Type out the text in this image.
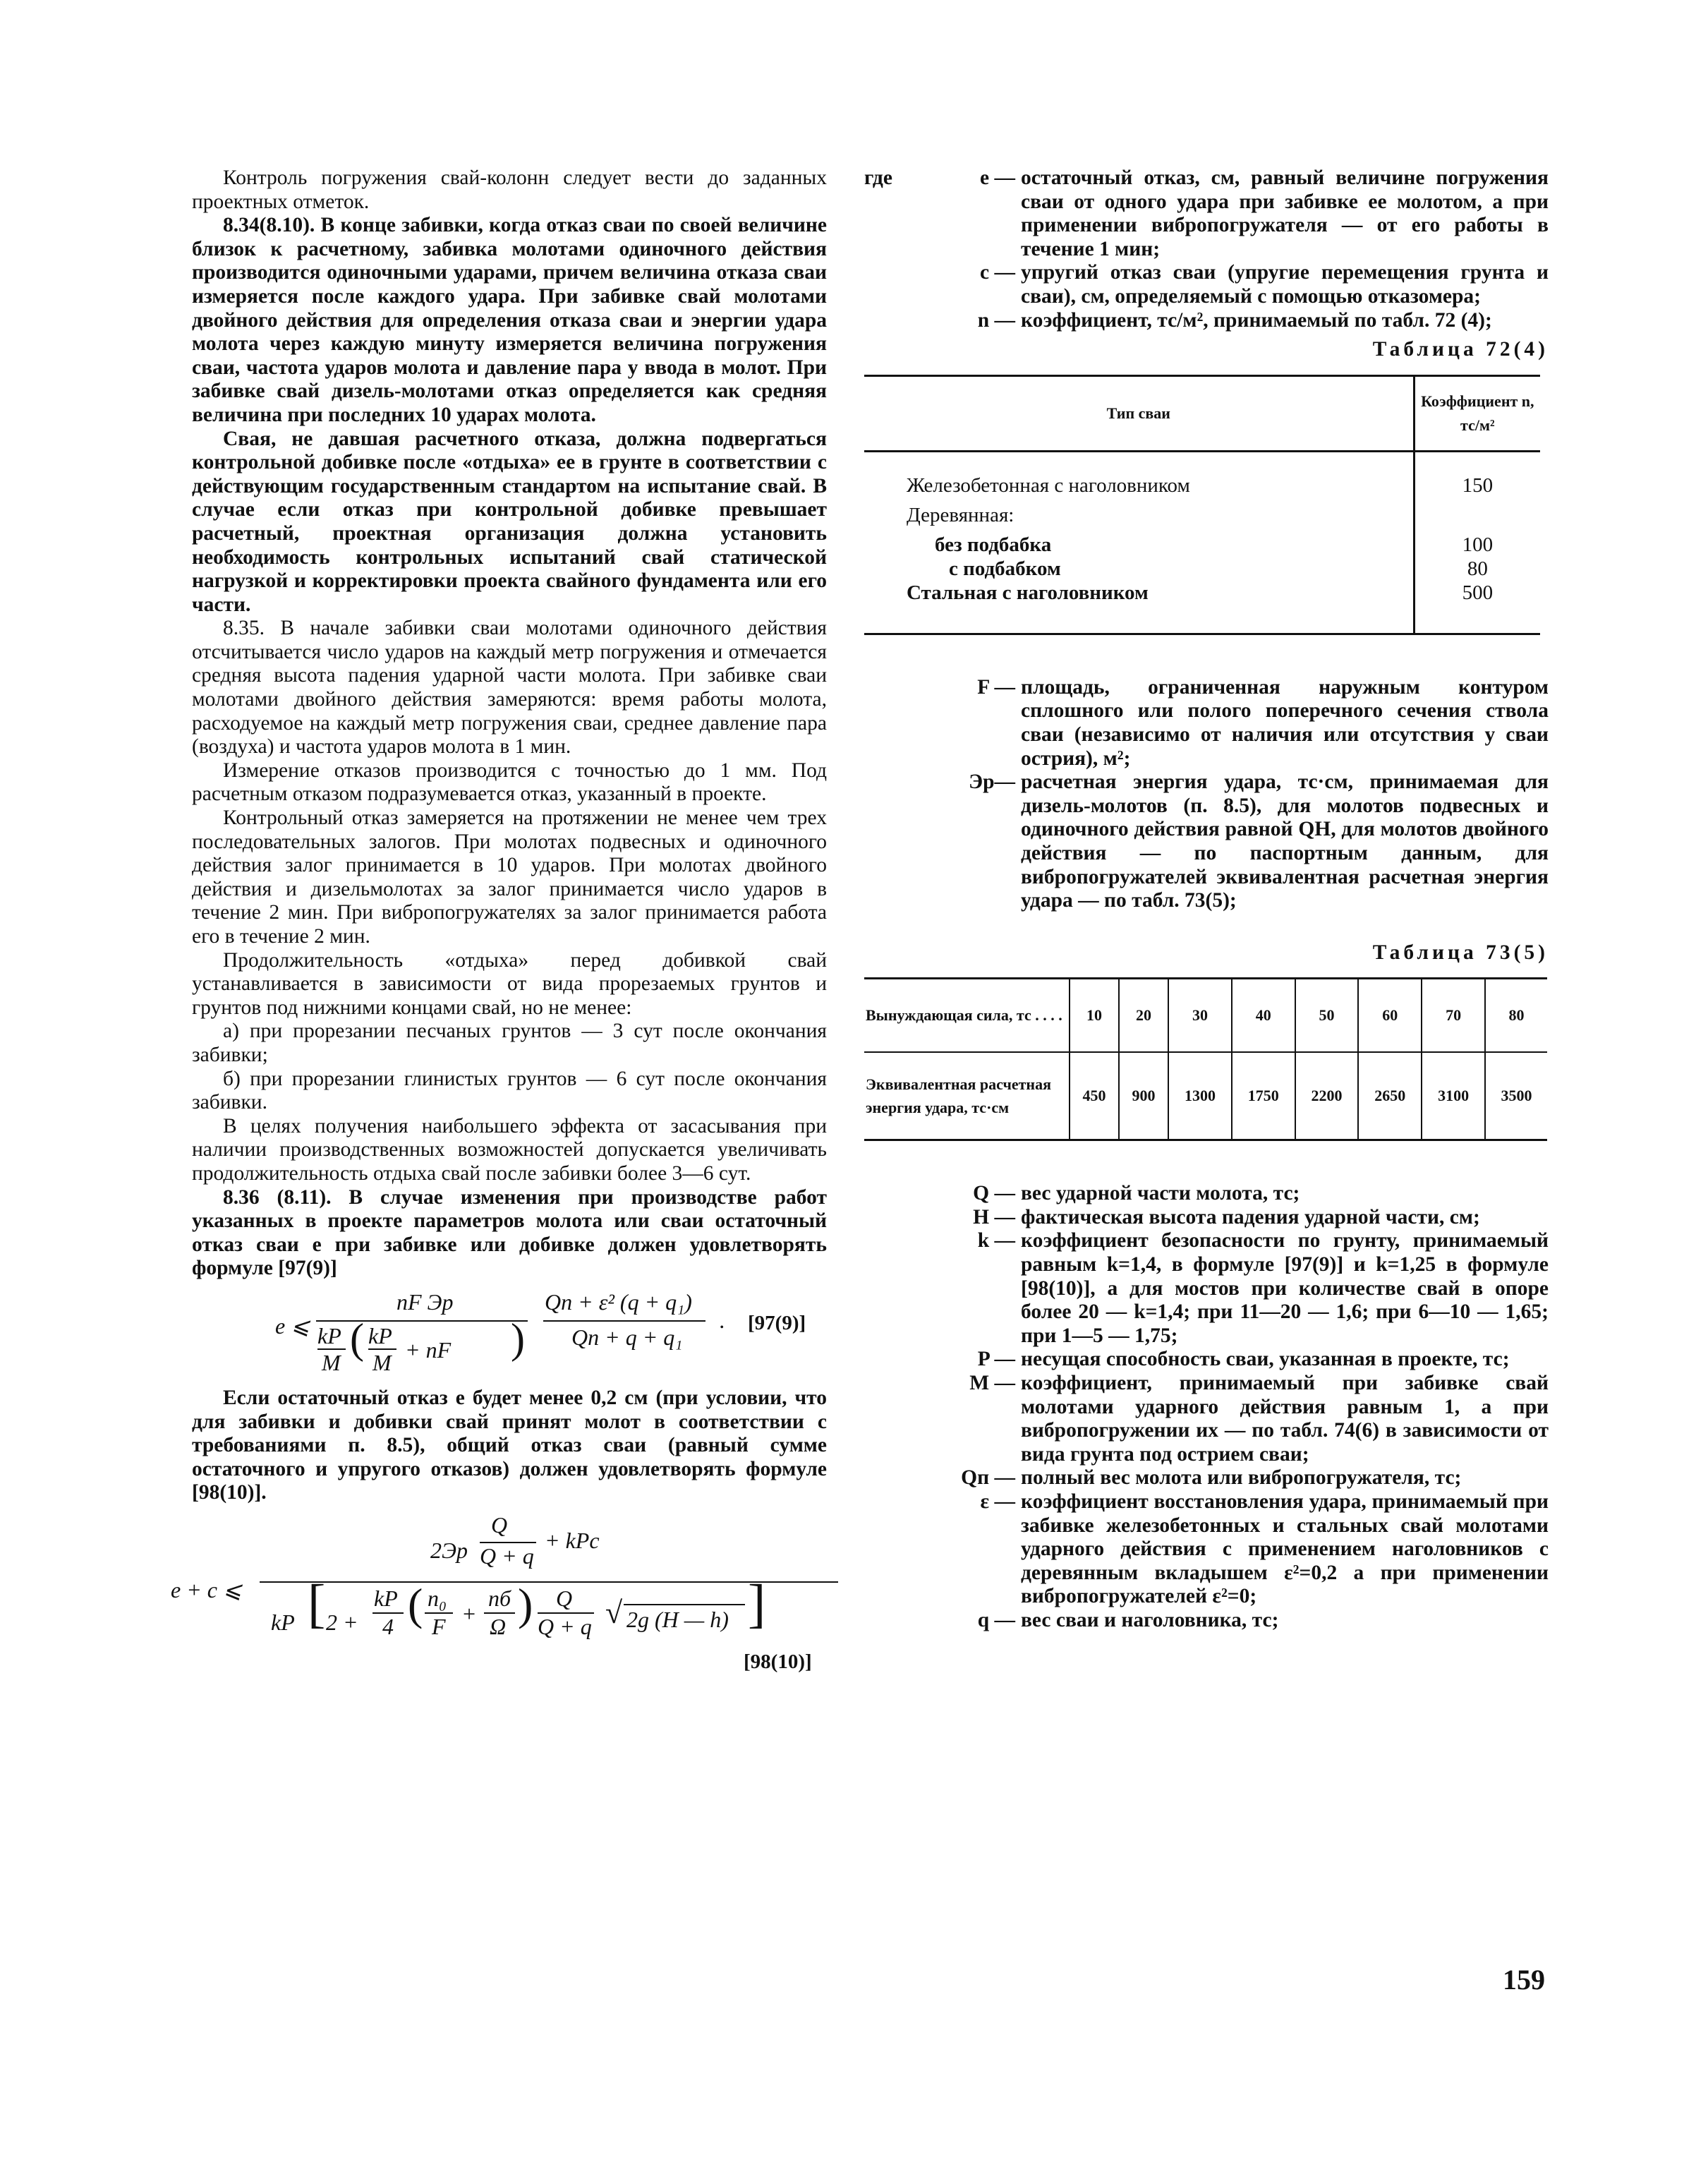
Контроль погружения свай-колонн следует вести до заданных проектных отметок.

8.34(8.10). В конце забивки, когда отказ сваи по своей величине близок к расчетному, забивка молотами одиночного действия производится одиночными ударами, причем величина отказа сваи измеряется после каждого удара. При забивке свай молотами двойного действия для определения отказа сваи и энергии удара молота через каждую минуту измеряется величина погружения сваи, частота ударов молота и давление пара у ввода в молот. При забивке свай дизель-молотами отказ определяется как средняя величина при последних 10 ударах молота.

Свая, не давшая расчетного отказа, должна подвергаться контрольной добивке после «отдыха» ее в грунте в соответствии с действующим государственным стандартом на испытание свай. В случае если отказ при контрольной добивке превышает расчетный, проектная организация должна установить необходимость контрольных испытаний свай статической нагрузкой и корректировки проекта свайного фундамента или его части.

8.35. В начале забивки сваи молотами одиночного действия отсчитывается число ударов на каждый метр погружения и отмечается средняя высота падения ударной части молота. При забивке сваи молотами двойного действия замеряются: время работы молота, расходуемое на каждый метр погружения сваи, среднее давление пара (воздуха) и частота ударов молота в 1 мин.

Измерение отказов производится с точностью до 1 мм. Под расчетным отказом подразумевается отказ, указанный в проекте.

Контрольный отказ замеряется на протяжении не менее чем трех последовательных залогов. При молотах подвесных и одиночного действия залог принимается в 10 ударов. При молотах двойного действия и дизельмолотах за залог принимается число ударов в течение 2 мин. При вибропогружателях за залог принимается работа его в течение 2 мин.

Продолжительность «отдыха» перед добивкой свай устанавливается в зависимости от вида прорезаемых грунтов и грунтов под нижними концами свай, но не менее:

а) при прорезании песчаных грунтов — 3 сут после окончания забивки;

б) при прорезании глинистых грунтов — 6 сут после окончания забивки.

В целях получения наибольшего эффекта от засасывания при наличии производственных возможностей допускается увеличивать продолжительность отдыха свай после забивки более 3—6 сут.

8.36 (8.11). В случае изменения при производстве работ указанных в проекте параметров молота или сваи остаточный отказ сваи e при забивке или добивке должен удовлетворять формуле [97(9)]

e ⩽
nF Эр
kP
M
( kP
M + nF )
Qп + ε² (q + q₁)
Qп + q + q₁
. [97(9)]

Если остаточный отказ e будет менее 0,2 см (при условии, что для забивки и добивки свай принят молот в соответствии с требованиями п. 8.5), общий отказ сваи (равный сумме остаточного и упругого отказов) должен удовлетворять формуле [98(10)].

e + c ⩽
2Эр
Q
Q + q
+ kPc
kP [ 2 +
kP
4 ( n₀
F +
nб
Ω ) Q
Q + q √ 2g (H — h) ]
[98(10)]
где	e — остаточный отказ, см, равный величине погружения сваи от одного удара при забивке ее молотом, а при применении вибропогружателя — от его работы в течение 1 мин;
c — упругий отказ сваи (упругие перемещения грунта и сваи), см, определяемый с помощью отказомера;
n — коэффициент, тс/м², принимаемый по табл. 72 (4);
Таблица 72(4)
Тип сваи	Коэффициент n, тс/м²
Железобетонная с наголовником	150
Деревянная:	
без подбабка	100
с подбабком	80
Стальная с наголовником	500
F — площадь, ограниченная наружным контуром сплошного или полого поперечного сечения ствола сваи (независимо от наличия или отсутствия у сваи острия), м²;
Эр— расчетная энергия удара, тс·см, принимаемая для дизель-молотов (п. 8.5), для молотов подвесных и одиночного действия равной QH, для молотов двойного действия — по паспортным данным, для вибропогружателей эквивалентная расчетная энергия удара — по табл. 73(5);
Таблица 73(5)
Вынуждающая сила, тс . . . .	10	20	30	40	50	60	70	80
Эквивалентная расчетная энергия удара, тс·см	450	900	1300	1750	2200	2650	3100	3500
Q — вес ударной части молота, тс;
H — фактическая высота падения ударной части, см;
k — коэффициент безопасности по грунту, принимаемый равным k=1,4, в формуле [97(9)] и k=1,25 в формуле [98(10)], а для мостов при количестве свай в опоре более 20 — k=1,4; при 11—20 — 1,6; при 6—10 — 1,65; при 1—5 — 1,75;
P — несущая способность сваи, указанная в проекте, тс;
M — коэффициент, принимаемый при забивке свай молотами ударного действия равным 1, а при вибропогружении их — по табл. 74(6) в зависимости от вида грунта под острием сваи;
Qп — полный вес молота или вибропогружателя, тс;
ε — коэффициент восстановления удара, принимаемый при забивке железобетонных и стальных свай молотами ударного действия с применением наголовников с деревянным вкладышем ε²=0,2 а при применении вибропогружателей ε²=0;
q — вес сваи и наголовника, тс;
159
